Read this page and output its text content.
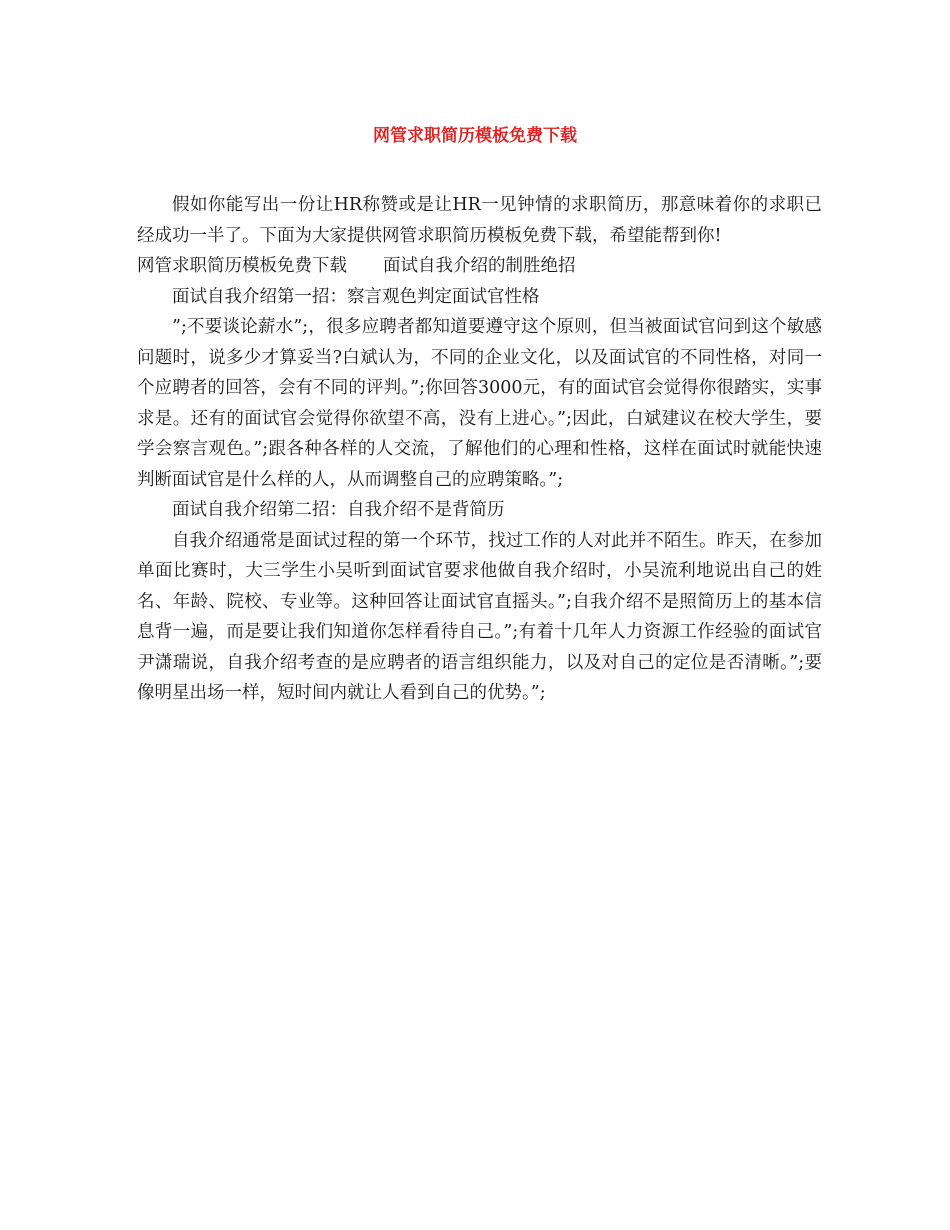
网管求职简历模板免费下载

假如你能写出一份让HR称赞或是让HR一见钟情的求职简历，那意味着你的求职已经成功一半了。下面为大家提供网管求职简历模板免费下载，希望能帮到你!

网管求职简历模板免费下载 面试自我介绍的制胜绝招

面试自我介绍第一招：察言观色判定面试官性格

”;不要谈论薪水”;，很多应聘者都知道要遵守这个原则，但当被面试官问到这个敏感问题时，说多少才算妥当?白斌认为，不同的企业文化，以及面试官的不同性格，对同一个应聘者的回答，会有不同的评判。”;你回答3000元，有的面试官会觉得你很踏实，实事求是。还有的面试官会觉得你欲望不高，没有上进心。”;因此，白斌建议在校大学生，要学会察言观色。”;跟各种各样的人交流，了解他们的心理和性格，这样在面试时就能快速判断面试官是什么样的人，从而调整自己的应聘策略。”;

面试自我介绍第二招：自我介绍不是背简历

自我介绍通常是面试过程的第一个环节，找过工作的人对此并不陌生。昨天，在参加单面比赛时，大三学生小吴听到面试官要求他做自我介绍时，小吴流利地说出自己的姓名、年龄、院校、专业等。这种回答让面试官直摇头。”;自我介绍不是照简历上的基本信息背一遍，而是要让我们知道你怎样看待自己。”;有着十几年人力资源工作经验的面试官尹潇瑞说，自我介绍考查的是应聘者的语言组织能力，以及对自己的定位是否清晰。”;要像明星出场一样，短时间内就让人看到自己的优势。”;
